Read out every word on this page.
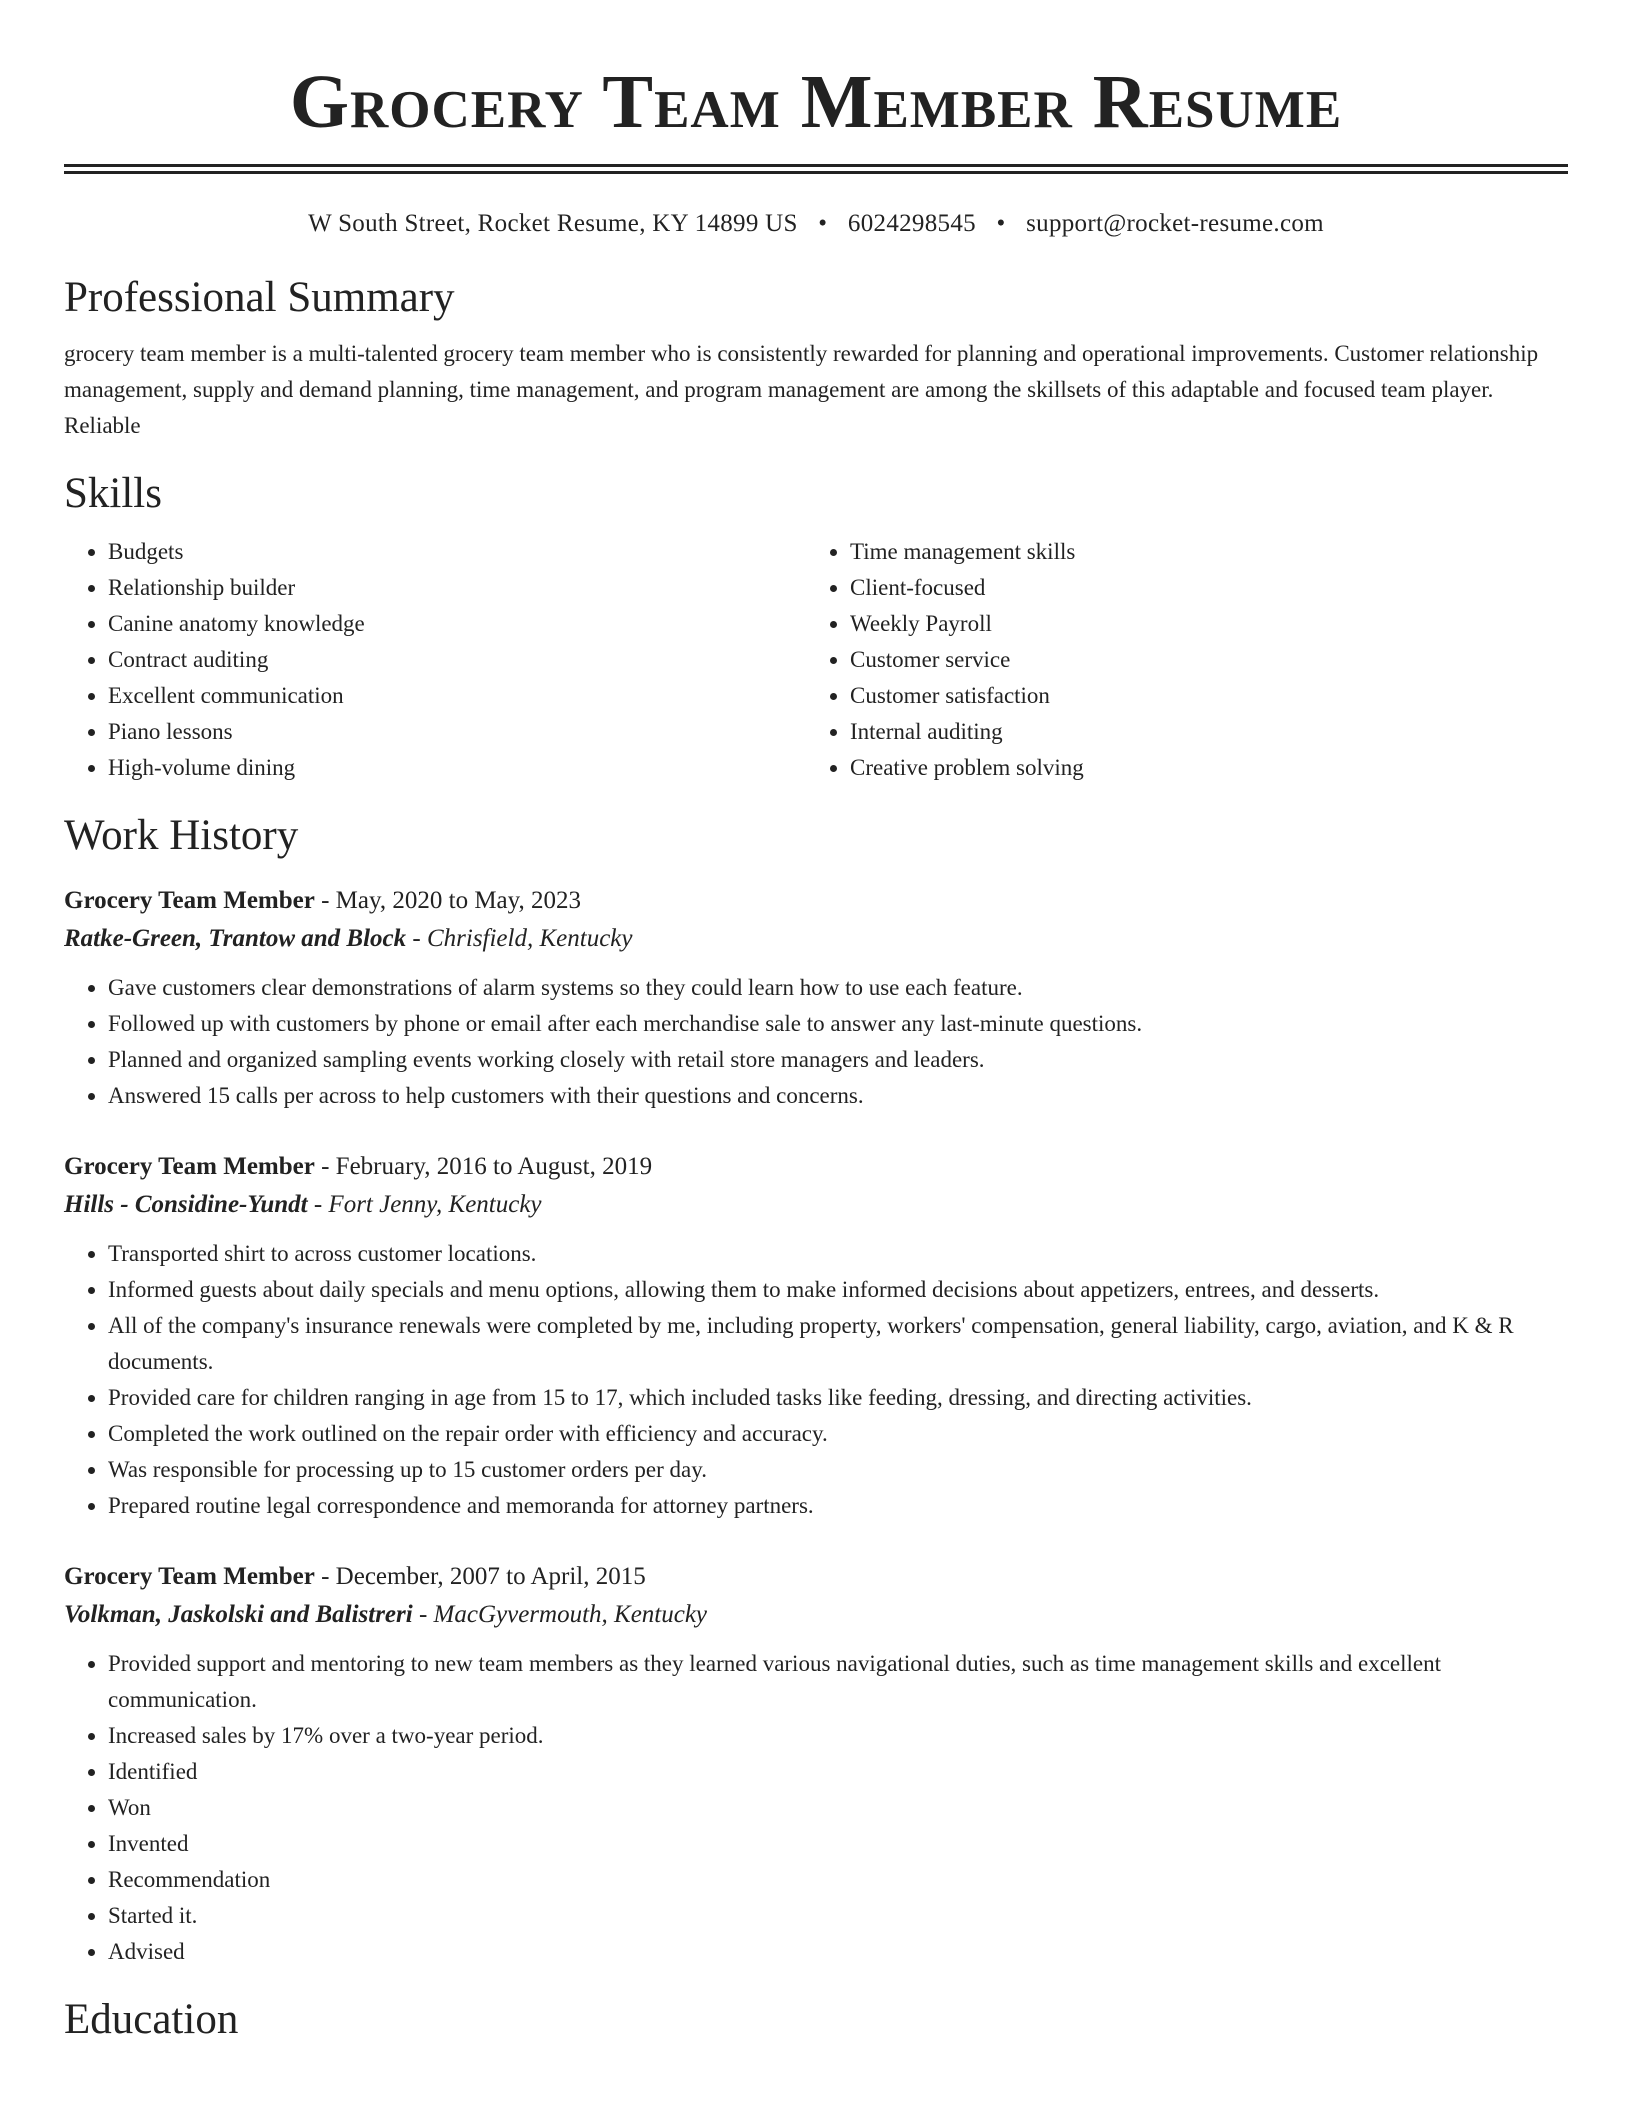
Grocery Team Member Resume
W South Street, Rocket Resume, KY 14899 US • 6024298545 • support@rocket-resume.com
Professional Summary
grocery team member is a multi-talented grocery team member who is consistently rewarded for planning and operational improvements. Customer relationship management, supply and demand planning, time management, and program management are among the skillsets of this adaptable and focused team player. Reliable
Skills
• Budgets
• Relationship builder
• Canine anatomy knowledge
• Contract auditing
• Excellent communication
• Piano lessons
• High-volume dining
• Time management skills
• Client-focused
• Weekly Payroll
• Customer service
• Customer satisfaction
• Internal auditing
• Creative problem solving
Work History
Grocery Team Member - May, 2020 to May, 2023
Ratke-Green, Trantow and Block - Chrisfield, Kentucky
• Gave customers clear demonstrations of alarm systems so they could learn how to use each feature.
• Followed up with customers by phone or email after each merchandise sale to answer any last-minute questions.
• Planned and organized sampling events working closely with retail store managers and leaders.
• Answered 15 calls per across to help customers with their questions and concerns.
Grocery Team Member - February, 2016 to August, 2019
Hills - Considine-Yundt - Fort Jenny, Kentucky
• Transported shirt to across customer locations.
• Informed guests about daily specials and menu options, allowing them to make informed decisions about appetizers, entrees, and desserts.
• All of the company's insurance renewals were completed by me, including property, workers' compensation, general liability, cargo, aviation, and K & R documents.
• Provided care for children ranging in age from 15 to 17, which included tasks like feeding, dressing, and directing activities.
• Completed the work outlined on the repair order with efficiency and accuracy.
• Was responsible for processing up to 15 customer orders per day.
• Prepared routine legal correspondence and memoranda for attorney partners.
Grocery Team Member - December, 2007 to April, 2015
Volkman, Jaskolski and Balistreri - MacGyvermouth, Kentucky
• Provided support and mentoring to new team members as they learned various navigational duties, such as time management skills and excellent communication.
• Increased sales by 17% over a two-year period.
• Identified
• Won
• Invented
• Recommendation
• Started it.
• Advised
Education
